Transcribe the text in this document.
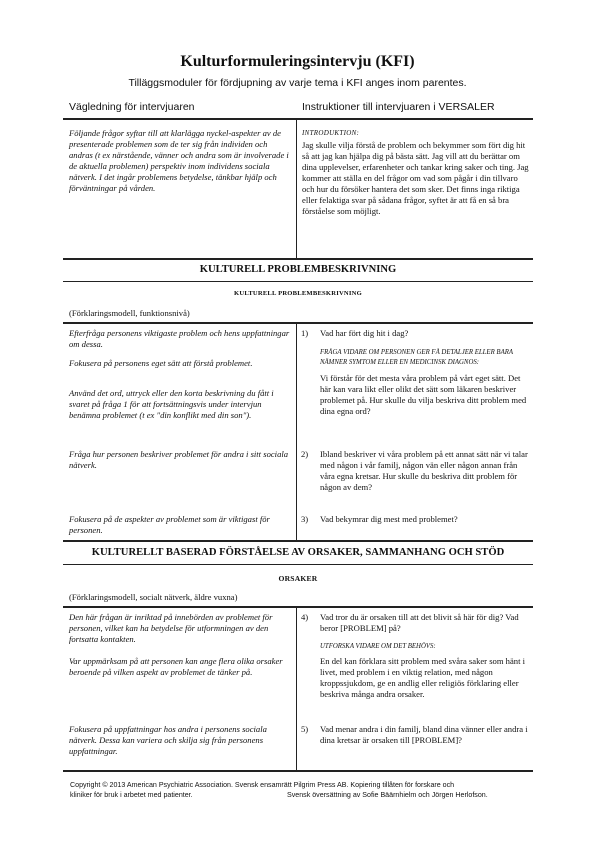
Kulturformuleringsintervju (KFI)
Tilläggsmoduler för fördjupning av varje tema i KFI anges inom parentes.
Vägledning för intervjuaren	Instruktioner till intervjuaren i VERSALER
Följande frågor syftar till att klarlägga nyckel-aspekter av de presenterade problemen som de ter sig från individen och andras (t ex närstående, vänner och andra som är involverade i de aktuella problemen) perspektiv inom individens sociala nätverk. I det ingår problemens betydelse, tänkbar hjälp och förväntningar på vården.
INTRODUKTION:
Jag skulle vilja förstå de problem och bekymmer som fört dig hit så att jag kan hjälpa dig på bästa sätt. Jag vill att du berättar om dina upplevelser, erfarenheter och tankar kring saker och ting. Jag kommer att ställa en del frågor om vad som pågår i din tillvaro och hur du försöker hantera det som sker. Det finns inga riktiga eller felaktiga svar på sådana frågor, syftet är att få en så bra förståelse som möjligt.
KULTURELL PROBLEMBESKRIVNING
KULTURELL PROBLEMBESKRIVNING
(Förklaringsmodell, funktionsnivå)
Efterfråga personens viktigaste problem och hens uppfattningar om dessa.
Fokusera på personens eget sätt att förstå problemet.
Använd det ord, uttryck eller den korta beskrivning du fått i svaret på fråga 1 för att fortsättningsvis under intervjun benämna problemet (t ex "din konflikt med din son").
Fråga hur personen beskriver problemet för andra i sitt sociala nätverk.
Fokusera på de aspekter av problemet som är viktigast för personen.
1) Vad har fört dig hit i dag?
FRÅGA VIDARE OM PERSONEN GER FÅ DETALJER ELLER BARA NÄMNER SYMTOM ELLER EN MEDICINSK DIAGNOS:
Vi förstår för det mesta våra problem på vårt eget sätt. Det här kan vara likt eller olikt det sätt som läkaren beskriver problemet på. Hur skulle du vilja beskriva ditt problem med dina egna ord?
2) Ibland beskriver vi våra problem på ett annat sätt när vi talar med någon i vår familj, någon vän eller någon annan från våra egna kretsar. Hur skulle du beskriva ditt problem för någon av dem?
3) Vad bekymrar dig mest med problemet?
KULTURELLT BASERAD FÖRSTÅELSE AV ORSAKER, SAMMANHANG OCH STÖD
ORSAKER
(Förklaringsmodell, socialt nätverk, äldre vuxna)
Den här frågan är inriktad på innebörden av problemet för personen, vilket kan ha betydelse för utformningen av den fortsatta kontakten.
Var uppmärksam på att personen kan ange flera olika orsaker beroende på vilken aspekt av problemet de tänker på.
Fokusera på uppfattningar hos andra i personens sociala nätverk. Dessa kan variera och skilja sig från personens uppfattningar.
4) Vad tror du är orsaken till att det blivit så här för dig? Vad beror [PROBLEM] på?
UTFORSKA VIDARE OM DET BEHÖVS:
En del kan förklara sitt problem med svåra saker som hänt i livet, med problem i en viktig relation, med någon kroppssjukdom, ge en andlig eller religiös förklaring eller beskriva många andra orsaker.
5) Vad menar andra i din familj, bland dina vänner eller andra i dina kretsar är orsaken till [PROBLEM]?
Copyright © 2013 American Psychiatric Association. Svensk ensamrätt Pilgrim Press AB. Kopiering tillåten för forskare och
kliniker för bruk i arbetet med patienter.	Svensk översättning av Sofie Bäärnhielm och Jörgen Herlofson.
